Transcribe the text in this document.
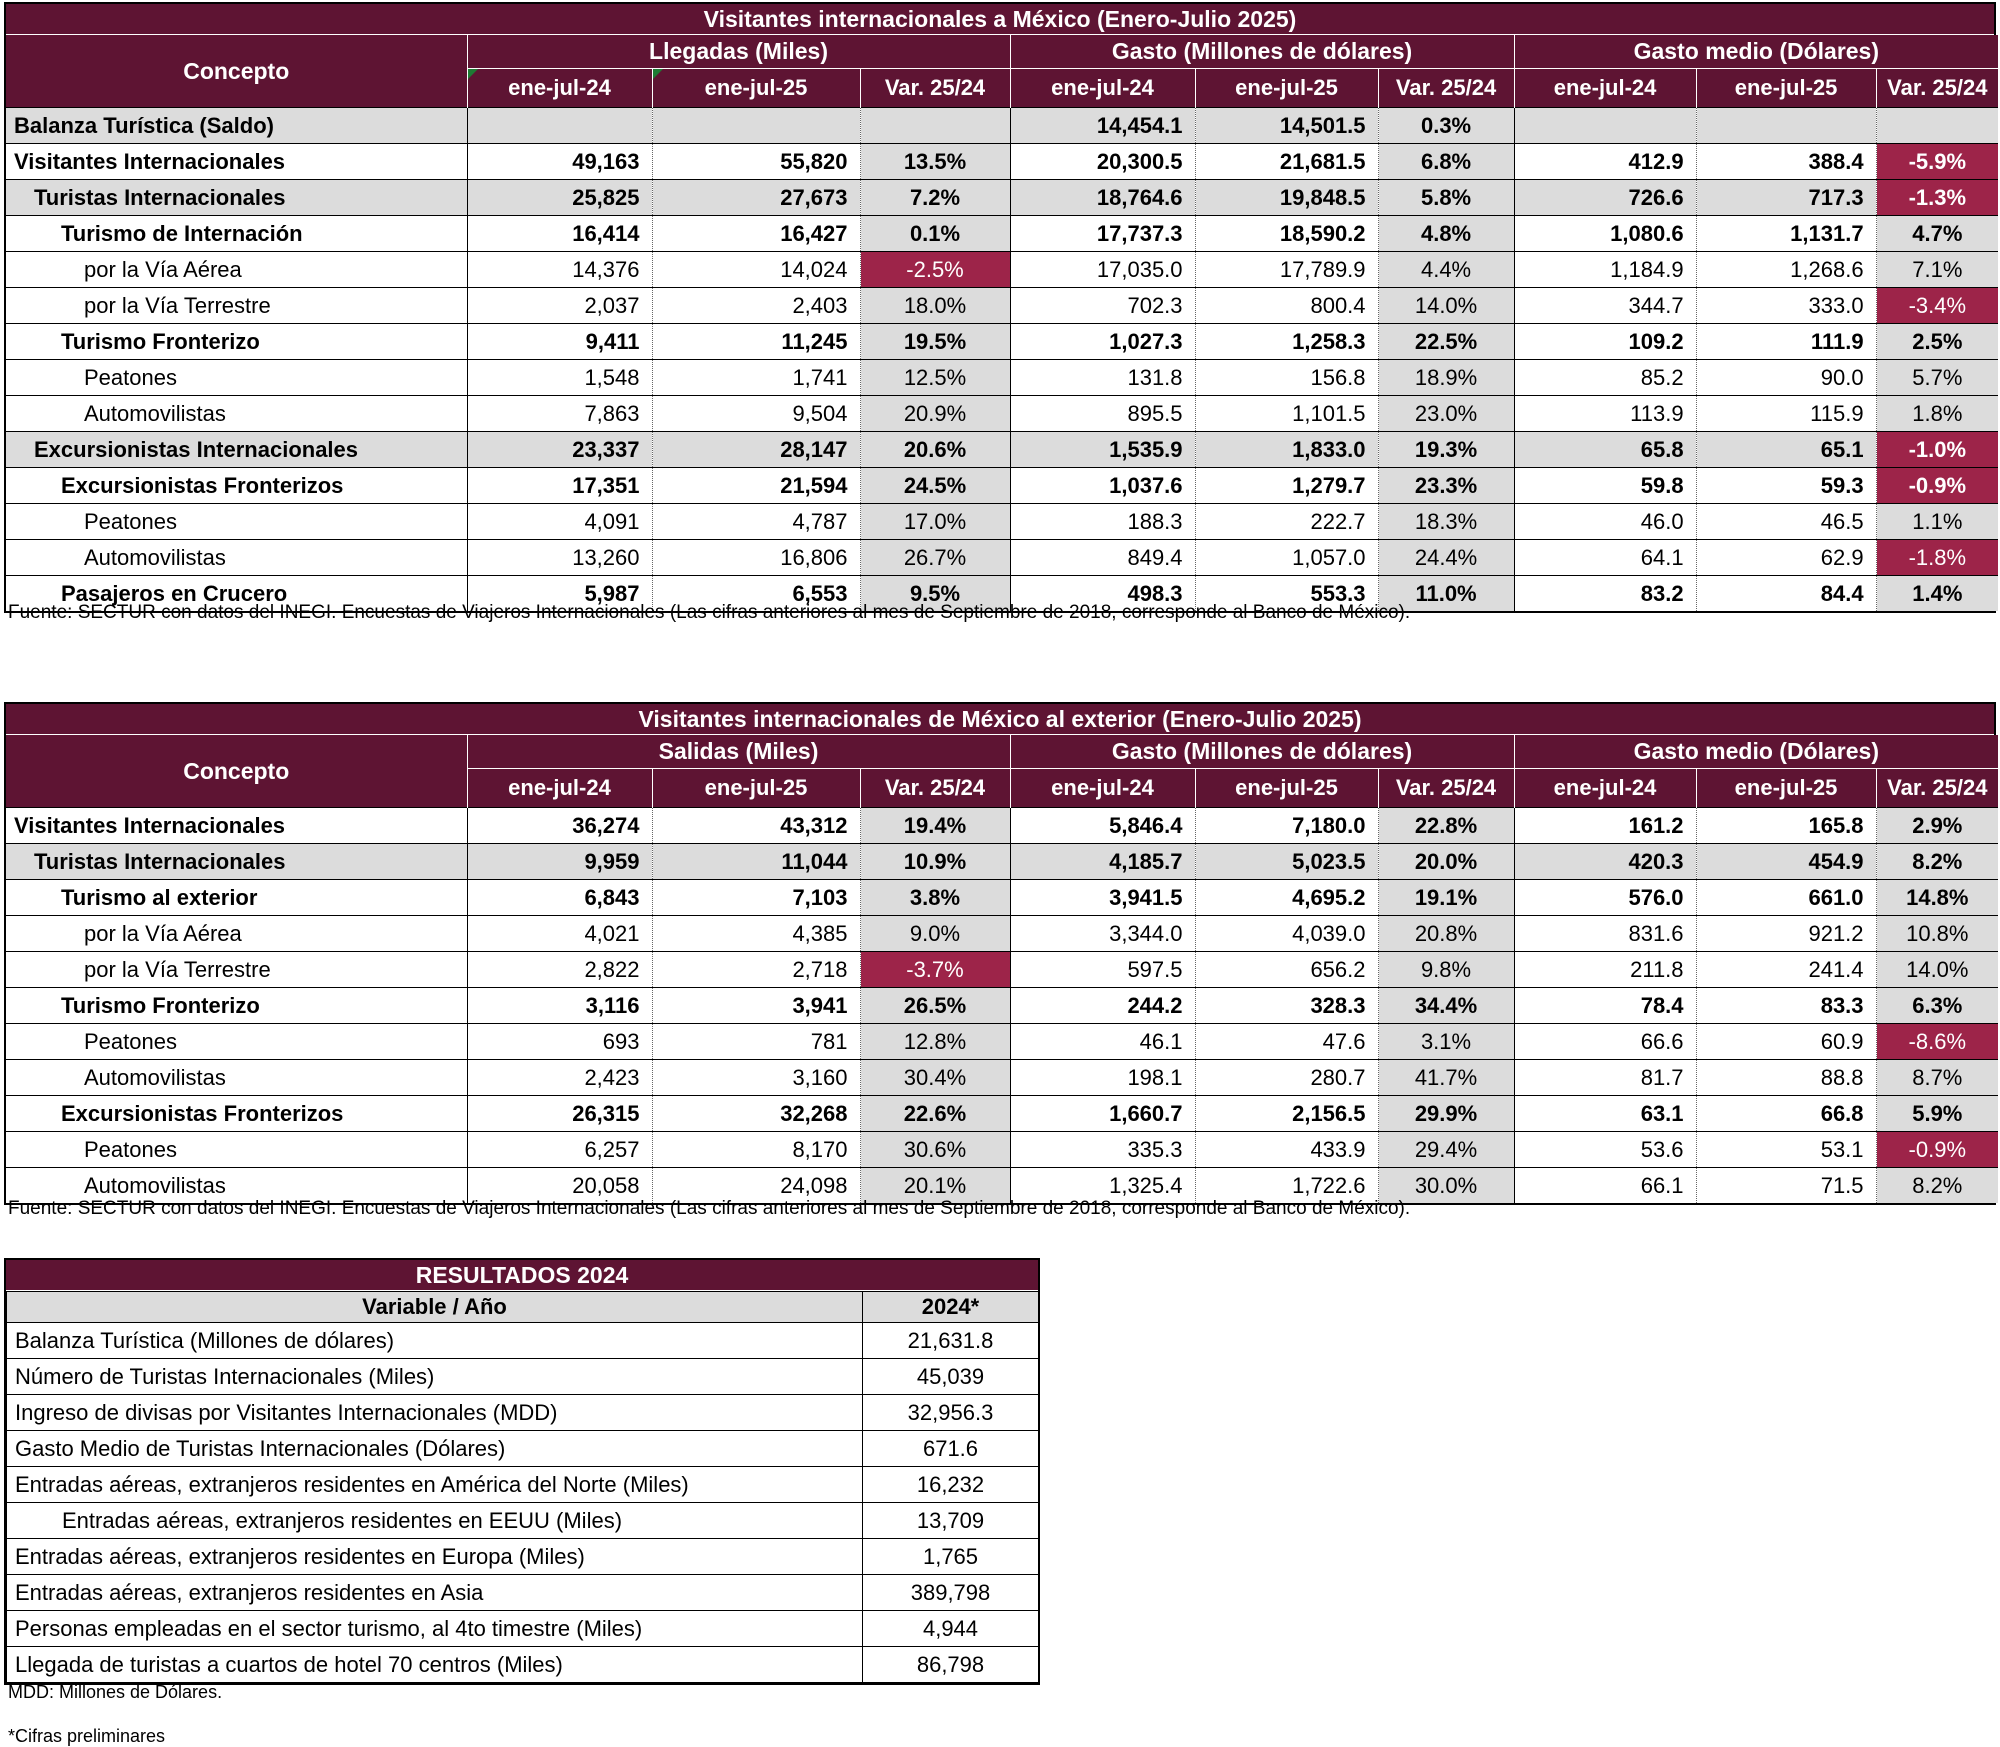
Visitantes internacionales a México (Enero-Julio 2025)
Concepto	Llegadas (Miles)			Gasto (Millones de dólares)			Gasto medio (Dólares)		
	ene-jul-24	ene-jul-25	Var. 25/24	ene-jul-24	ene-jul-25	Var. 25/24	ene-jul-24	ene-jul-25	Var. 25/24
Balanza Turística (Saldo)				14,454.1	14,501.5	0.3%			
Visitantes Internacionales	49,163	55,820	13.5%	20,300.5	21,681.5	6.8%	412.9	388.4	-5.9%
Turistas Internacionales	25,825	27,673	7.2%	18,764.6	19,848.5	5.8%	726.6	717.3	-1.3%
Turismo de Internación	16,414	16,427	0.1%	17,737.3	18,590.2	4.8%	1,080.6	1,131.7	4.7%
por la Vía Aérea	14,376	14,024	-2.5%	17,035.0	17,789.9	4.4%	1,184.9	1,268.6	7.1%
por la Vía Terrestre	2,037	2,403	18.0%	702.3	800.4	14.0%	344.7	333.0	-3.4%
Turismo Fronterizo	9,411	11,245	19.5%	1,027.3	1,258.3	22.5%	109.2	111.9	2.5%
Peatones	1,548	1,741	12.5%	131.8	156.8	18.9%	85.2	90.0	5.7%
Automovilistas	7,863	9,504	20.9%	895.5	1,101.5	23.0%	113.9	115.9	1.8%
Excursionistas Internacionales	23,337	28,147	20.6%	1,535.9	1,833.0	19.3%	65.8	65.1	-1.0%
Excursionistas Fronterizos	17,351	21,594	24.5%	1,037.6	1,279.7	23.3%	59.8	59.3	-0.9%
Peatones	4,091	4,787	17.0%	188.3	222.7	18.3%	46.0	46.5	1.1%
Automovilistas	13,260	16,806	26.7%	849.4	1,057.0	24.4%	64.1	62.9	-1.8%
Pasajeros en Crucero	5,987	6,553	9.5%	498.3	553.3	11.0%	83.2	84.4	1.4%
Fuente: SECTUR con datos del INEGI. Encuestas de Viajeros Internacionales (Las cifras anteriores al mes de Septiembre de 2018, corresponde al Banco de México).
Visitantes internacionales de México al exterior (Enero-Julio 2025)
Concepto	Salidas (Miles)			Gasto (Millones de dólares)			Gasto medio (Dólares)		
	ene-jul-24	ene-jul-25	Var. 25/24	ene-jul-24	ene-jul-25	Var. 25/24	ene-jul-24	ene-jul-25	Var. 25/24
Visitantes Internacionales	36,274	43,312	19.4%	5,846.4	7,180.0	22.8%	161.2	165.8	2.9%
Turistas Internacionales	9,959	11,044	10.9%	4,185.7	5,023.5	20.0%	420.3	454.9	8.2%
Turismo al exterior	6,843	7,103	3.8%	3,941.5	4,695.2	19.1%	576.0	661.0	14.8%
por la Vía Aérea	4,021	4,385	9.0%	3,344.0	4,039.0	20.8%	831.6	921.2	10.8%
por la Vía Terrestre	2,822	2,718	-3.7%	597.5	656.2	9.8%	211.8	241.4	14.0%
Turismo Fronterizo	3,116	3,941	26.5%	244.2	328.3	34.4%	78.4	83.3	6.3%
Peatones	693	781	12.8%	46.1	47.6	3.1%	66.6	60.9	-8.6%
Automovilistas	2,423	3,160	30.4%	198.1	280.7	41.7%	81.7	88.8	8.7%
Excursionistas Fronterizos	26,315	32,268	22.6%	1,660.7	2,156.5	29.9%	63.1	66.8	5.9%
Peatones	6,257	8,170	30.6%	335.3	433.9	29.4%	53.6	53.1	-0.9%
Automovilistas	20,058	24,098	20.1%	1,325.4	1,722.6	30.0%	66.1	71.5	8.2%
Fuente: SECTUR con datos del INEGI. Encuestas de Viajeros Internacionales (Las cifras anteriores al mes de Septiembre de 2018, corresponde al Banco de México).
RESULTADOS 2024
Variable / Año	2024*
Balanza Turística (Millones de dólares)	21,631.8
Número de Turistas Internacionales (Miles)	45,039
Ingreso de divisas por Visitantes Internacionales (MDD)	32,956.3
Gasto Medio de Turistas Internacionales (Dólares)	671.6
Entradas aéreas, extranjeros residentes en América del Norte (Miles)	16,232
Entradas aéreas, extranjeros residentes en EEUU (Miles)	13,709
Entradas aéreas, extranjeros residentes en Europa (Miles)	1,765
Entradas aéreas, extranjeros residentes en Asia	389,798
Personas empleadas en el sector turismo, al 4to timestre (Miles)	4,944
Llegada de turistas a cuartos de hotel 70 centros (Miles)	86,798
MDD: Millones de Dólares.
*Cifras preliminares
